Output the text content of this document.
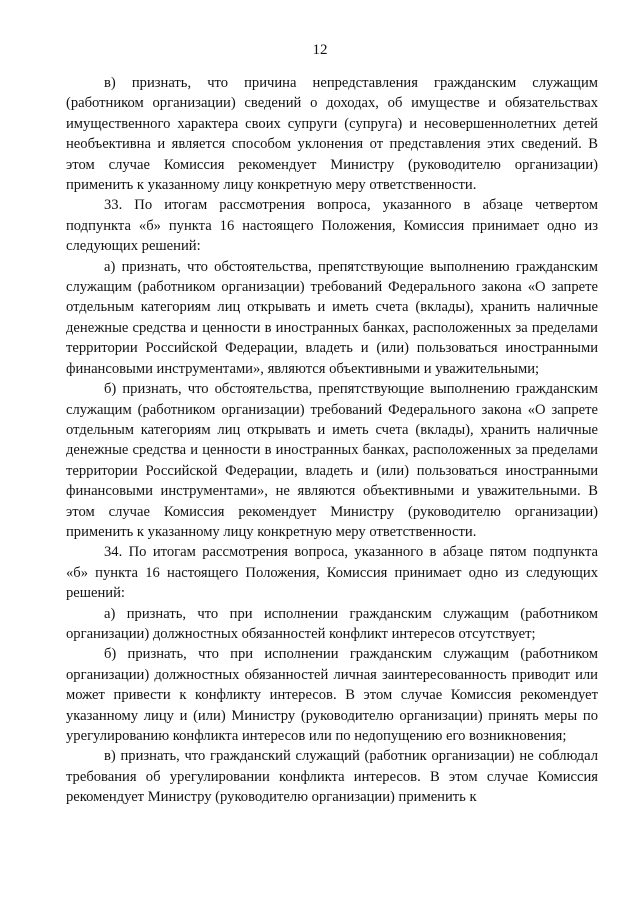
12

в) признать, что причина непредставления гражданским служащим (работником организации) сведений о доходах, об имуществе и обязательствах имущественного характера своих супруги (супруга) и несовершеннолетних детей необъективна и является способом уклонения от представления этих сведений. В этом случае Комиссия рекомендует Министру (руководителю организации) применить к указанному лицу конкретную меру ответственности.

33. По итогам рассмотрения вопроса, указанного в абзаце четвертом подпункта «б» пункта 16 настоящего Положения, Комиссия принимает одно из следующих решений:

а) признать, что обстоятельства, препятствующие выполнению гражданским служащим (работником организации) требований Федерального закона «О запрете отдельным категориям лиц открывать и иметь счета (вклады), хранить наличные денежные средства и ценности в иностранных банках, расположенных за пределами территории Российской Федерации, владеть и (или) пользоваться иностранными финансовыми инструментами», являются объективными и уважительными;

б) признать, что обстоятельства, препятствующие выполнению гражданским служащим (работником организации) требований Федерального закона «О запрете отдельным категориям лиц открывать и иметь счета (вклады), хранить наличные денежные средства и ценности в иностранных банках, расположенных за пределами территории Российской Федерации, владеть и (или) пользоваться иностранными финансовыми инструментами», не являются объективными и уважительными. В этом случае Комиссия рекомендует Министру (руководителю организации) применить к указанному лицу конкретную меру ответственности.

34. По итогам рассмотрения вопроса, указанного в абзаце пятом подпункта «б» пункта 16 настоящего Положения, Комиссия принимает одно из следующих решений:

а) признать, что при исполнении гражданским служащим (работником организации) должностных обязанностей конфликт интересов отсутствует;

б) признать, что при исполнении гражданским служащим (работником организации) должностных обязанностей личная заинтересованность приводит или может привести к конфликту интересов. В этом случае Комиссия рекомендует указанному лицу и (или) Министру (руководителю организации) принять меры по урегулированию конфликта интересов или по недопущению его возникновения;

в) признать, что гражданский служащий (работник организации) не соблюдал требования об урегулировании конфликта интересов. В этом случае Комиссия рекомендует Министру (руководителю организации) применить к
